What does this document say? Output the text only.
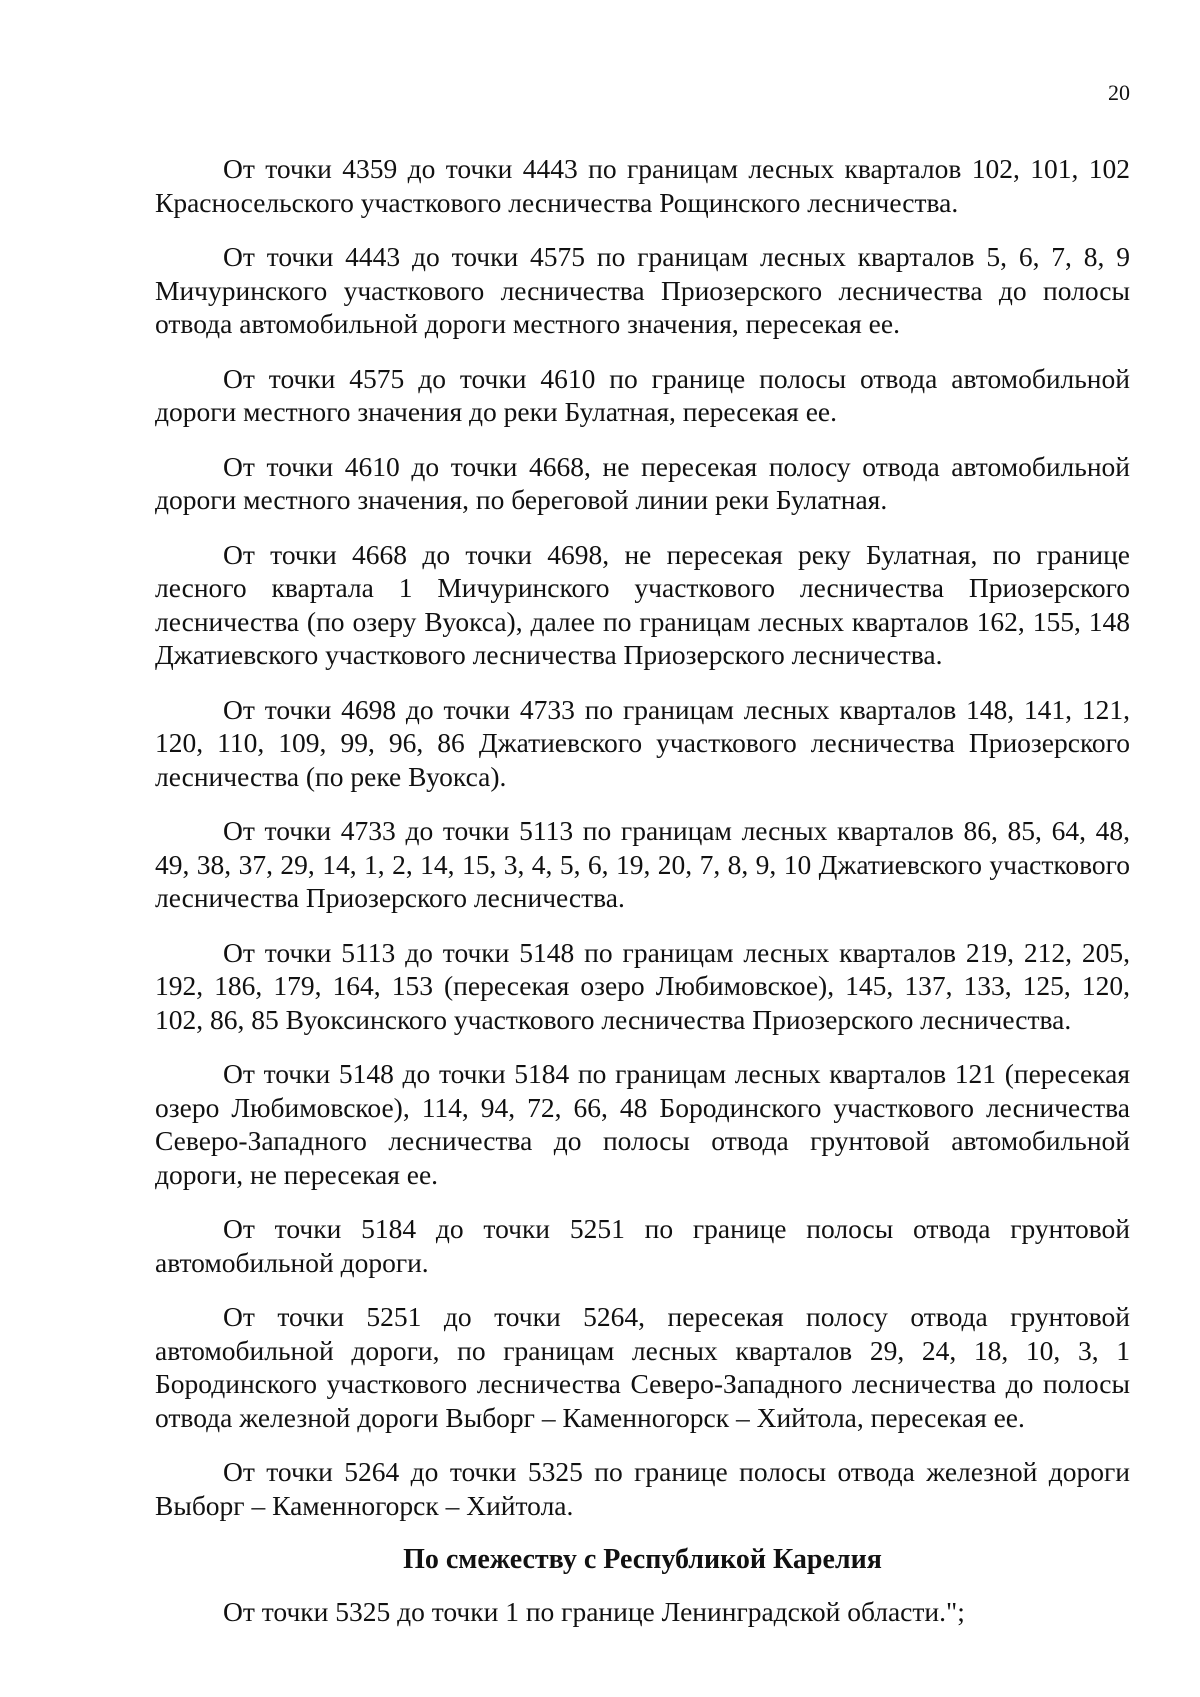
20

От точки 4359 до точки 4443 по границам лесных кварталов 102, 101, 102 Красносельского участкового лесничества Рощинского лесничества.

От точки 4443 до точки 4575 по границам лесных кварталов 5, 6, 7, 8, 9 Мичуринского участкового лесничества Приозерского лесничества до полосы отвода автомобильной дороги местного значения, пересекая ее.

От точки 4575 до точки 4610 по границе полосы отвода автомобильной дороги местного значения до реки Булатная, пересекая ее.

От точки 4610 до точки 4668, не пересекая полосу отвода автомобильной дороги местного значения, по береговой линии реки Булатная.

От точки 4668 до точки 4698, не пересекая реку Булатная, по границе лесного квартала 1 Мичуринского участкового лесничества Приозерского лесничества (по озеру Вуокса), далее по границам лесных кварталов 162, 155, 148 Джатиевского участкового лесничества Приозерского лесничества.

От точки 4698 до точки 4733 по границам лесных кварталов 148, 141, 121, 120, 110, 109, 99, 96, 86 Джатиевского участкового лесничества Приозерского лесничества (по реке Вуокса).

От точки 4733 до точки 5113 по границам лесных кварталов 86, 85, 64, 48, 49, 38, 37, 29, 14, 1, 2, 14, 15, 3, 4, 5, 6, 19, 20, 7, 8, 9, 10 Джатиевского участкового лесничества Приозерского лесничества.

От точки 5113 до точки 5148 по границам лесных кварталов 219, 212, 205, 192, 186, 179, 164, 153 (пересекая озеро Любимовское), 145, 137, 133, 125, 120, 102, 86, 85 Вуоксинского участкового лесничества Приозерского лесничества.

От точки 5148 до точки 5184 по границам лесных кварталов 121 (пересекая озеро Любимовское), 114, 94, 72, 66, 48 Бородинского участкового лесничества Северо-Западного лесничества до полосы отвода грунтовой автомобильной дороги, не пересекая ее.

От точки 5184 до точки 5251 по границе полосы отвода грунтовой автомобильной дороги.

От точки 5251 до точки 5264, пересекая полосу отвода грунтовой автомобильной дороги, по границам лесных кварталов 29, 24, 18, 10, 3, 1 Бородинского участкового лесничества Северо-Западного лесничества до полосы отвода железной дороги Выборг – Каменногорск – Хийтола, пересекая ее.

От точки 5264 до точки 5325 по границе полосы отвода железной дороги Выборг – Каменногорск – Хийтола.

По смежеству с Республикой Карелия

От точки 5325 до точки 1 по границе Ленинградской области.";
